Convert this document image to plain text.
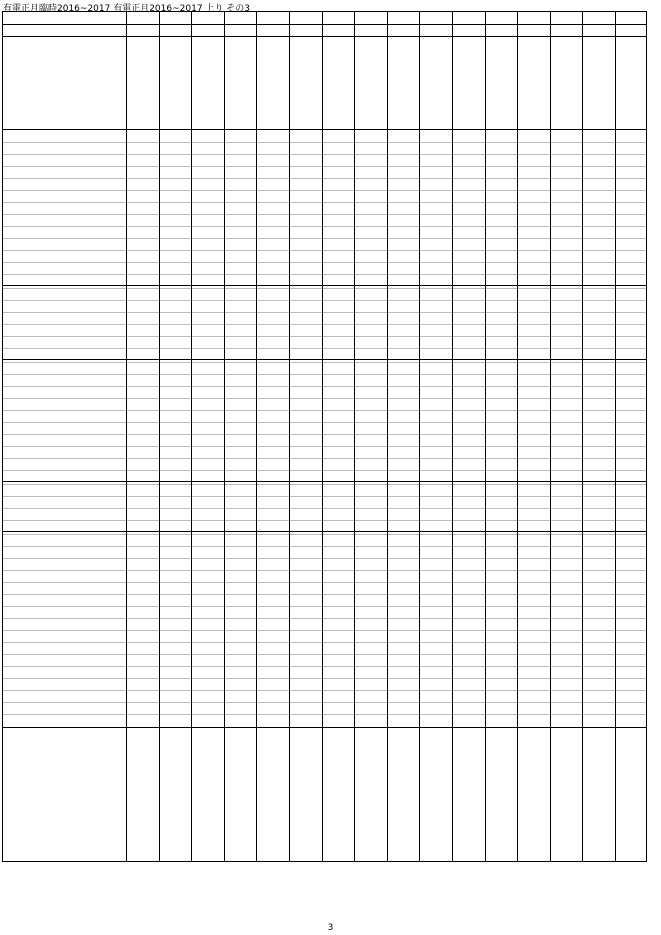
有電正月臨時2016~2017 有電正月2016~2017 上り その3
3
